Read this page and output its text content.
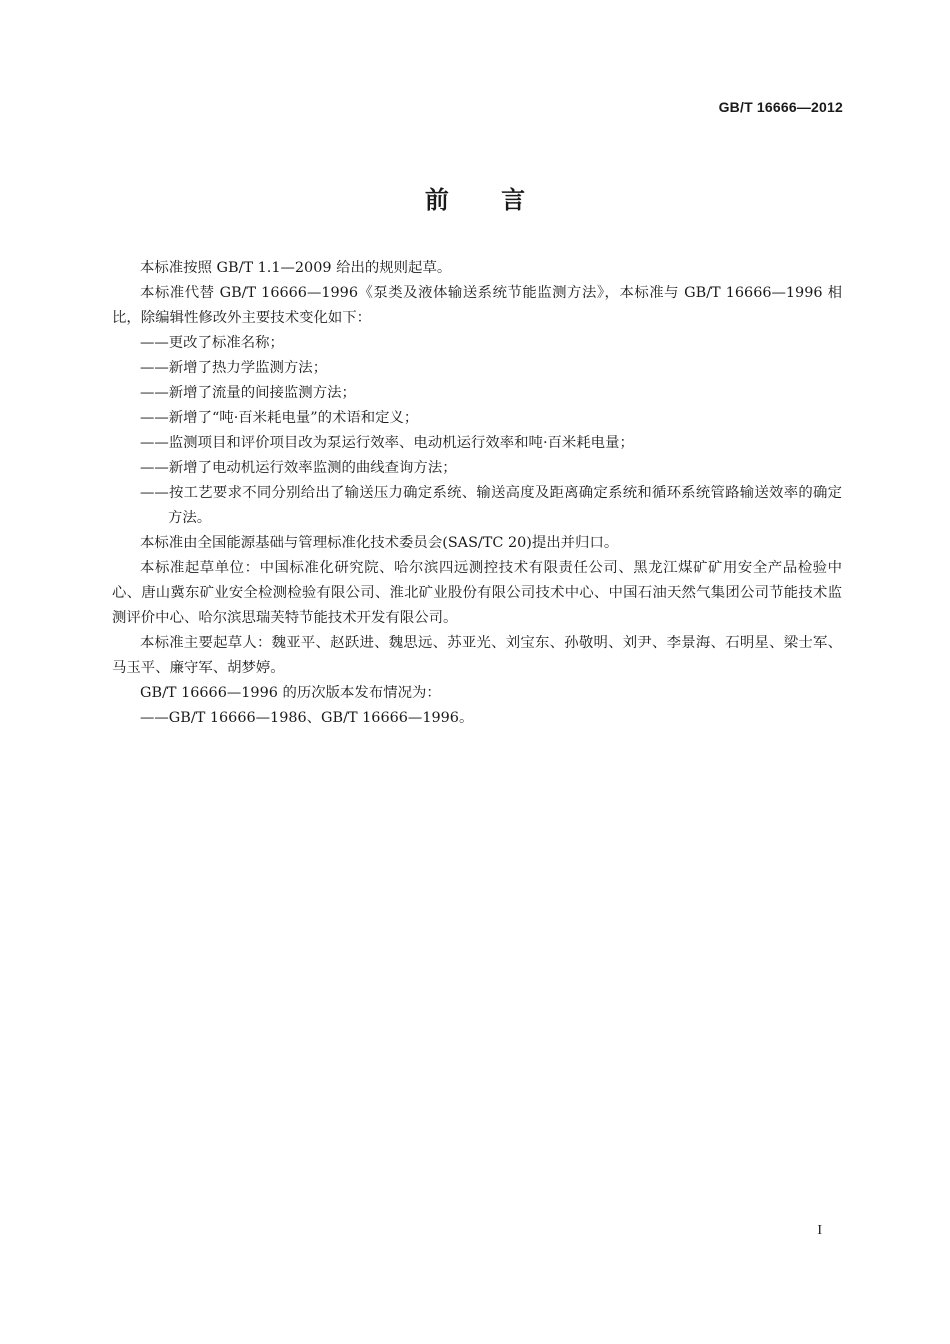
GB/T 16666—2012
前 言

本标准按照 GB/T 1.1—2009 给出的规则起草。

本标准代替 GB/T 16666—1996《泵类及液体输送系统节能监测方法》，本标准与 GB/T 16666—1996 相比，除编辑性修改外主要技术变化如下：

——更改了标准名称；

——新增了热力学监测方法；

——新增了流量的间接监测方法；

——新增了“吨·百米耗电量”的术语和定义；

——监测项目和评价项目改为泵运行效率、电动机运行效率和吨·百米耗电量；

——新增了电动机运行效率监测的曲线查询方法；

——按工艺要求不同分别给出了输送压力确定系统、输送高度及距离确定系统和循环系统管路输送效率的确定方法。

本标准由全国能源基础与管理标准化技术委员会(SAS/TC 20)提出并归口。

本标准起草单位：中国标准化研究院、哈尔滨四远测控技术有限责任公司、黑龙江煤矿矿用安全产品检验中心、唐山冀东矿业安全检测检验有限公司、淮北矿业股份有限公司技术中心、中国石油天然气集团公司节能技术监测评价中心、哈尔滨思瑞芙特节能技术开发有限公司。

本标准主要起草人：魏亚平、赵跃进、魏思远、苏亚光、刘宝东、孙敬明、刘尹、李景海、石明星、梁士军、马玉平、廉守军、胡梦婷。

GB/T 16666—1996 的历次版本发布情况为：

——GB/T 16666—1986、GB/T 16666—1996。

I
